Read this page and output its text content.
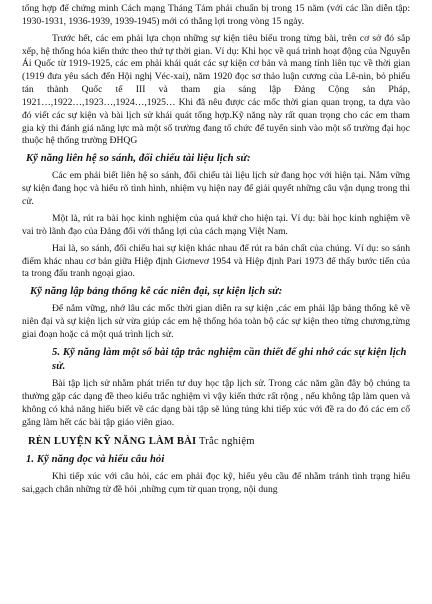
tổng hợp để chứng minh Cách mạng Tháng Tám phải chuẩn bị trong 15 năm (với các lần diễn tập: 1930-1931, 1936-1939, 1939-1945) mới có thắng lợi trong vòng 15 ngày.

Trước hết, các em phải lựa chọn những sự kiện tiêu biểu trong từng bài, trên cơ sở đó sắp xếp, hệ thống hóa kiến thức theo thứ tự thời gian. Ví dụ: Khi học về quá trình hoạt động của Nguyễn Ái Quốc từ 1919-1925, các em phải khái quát các sự kiện cơ bản và mang tính liên tục về thời gian (1919 đưa yêu sách đến Hội nghị Véc-xai), năm 1920 đọc sơ thảo luận cương của Lê-nin, bỏ phiếu tán thành Quốc tế III và tham gia sáng lập Đảng Cộng sản Pháp, 1921…,1922…,1923…,1924…,1925… Khi đã nêu được các mốc thời gian quan trọng, ta dựa vào đó viết các sự kiện và bài lịch sử khái quát tổng hợp.Kỹ năng này rất quan trọng cho các em tham gia kỳ thi đánh giá năng lực mà một số trường đang tổ chức để tuyển sinh vào một số trường đại học thuộc hệ thống trường ĐHQG

Kỹ năng liên hệ so sánh, đối chiếu tài liệu lịch sử:

Các em phải biết liên hệ so sánh, đối chiếu tài liệu lịch sử đang học với hiện tại. Nắm vững sự kiện đang học và hiểu rõ tình hình, nhiệm vụ hiện nay để giải quyết những câu vận dụng trong thi cử.

Một là, rút ra bài học kinh nghiệm của quá khứ cho hiện tại. Ví dụ: bài học kinh nghiệm về vai trò lãnh đạo của Đảng đối với thắng lợi của cách mạng Việt Nam.

Hai là, so sánh, đối chiếu hai sự kiện khác nhau để rút ra bản chất của chúng. Ví dụ: so sánh điểm khác nhau cơ bản giữa Hiệp định Giơnevơ 1954 và Hiệp định Pari 1973 để thấy bước tiến của ta trong đấu tranh ngoại giao.

Kỹ năng lập bảng thống kê các niên đại, sự kiện lịch sử:

Để nắm vững, nhớ lâu các mốc thời gian diễn ra sự kiện ,các em phải lập bảng thống kê về niên đại và sự kiện lịch sử vừa giúp các em hệ thống hóa toàn bộ các sự kiện theo từng chương,từng giai đoạn hoặc cả một quá trình lịch sử.

5. Kỹ năng làm một số bài tập trắc nghiệm cần thiết để ghi nhớ các sự kiện lịch sử.

Bài tập lịch sử nhằm phát triển tư duy học tập lịch sử. Trong các năm gần đây bộ chúng ta thường gặp các dạng đề theo kiểu trắc nghiệm vì vậy kiến thức rất rộng , nếu không tập làm quen và không có khả năng hiểu biết về các dạng bài tập sẽ lúng túng khi tiếp xúc với đề ra do đó các em cố gắng làm hết các bài tập giáo viên giao.

RÈN LUYỆN KỸ NĂNG LÀM BÀI Trắc nghiệm
1. Kỹ năng đọc và hiểu câu hỏi

Khi tiếp xúc với câu hỏi, các em phải đọc kỹ, hiểu yêu cầu để nhằm tránh tình trạng hiểu sai,gạch chân những từ đề hỏi ,những cụm từ quan trọng, nội dung
